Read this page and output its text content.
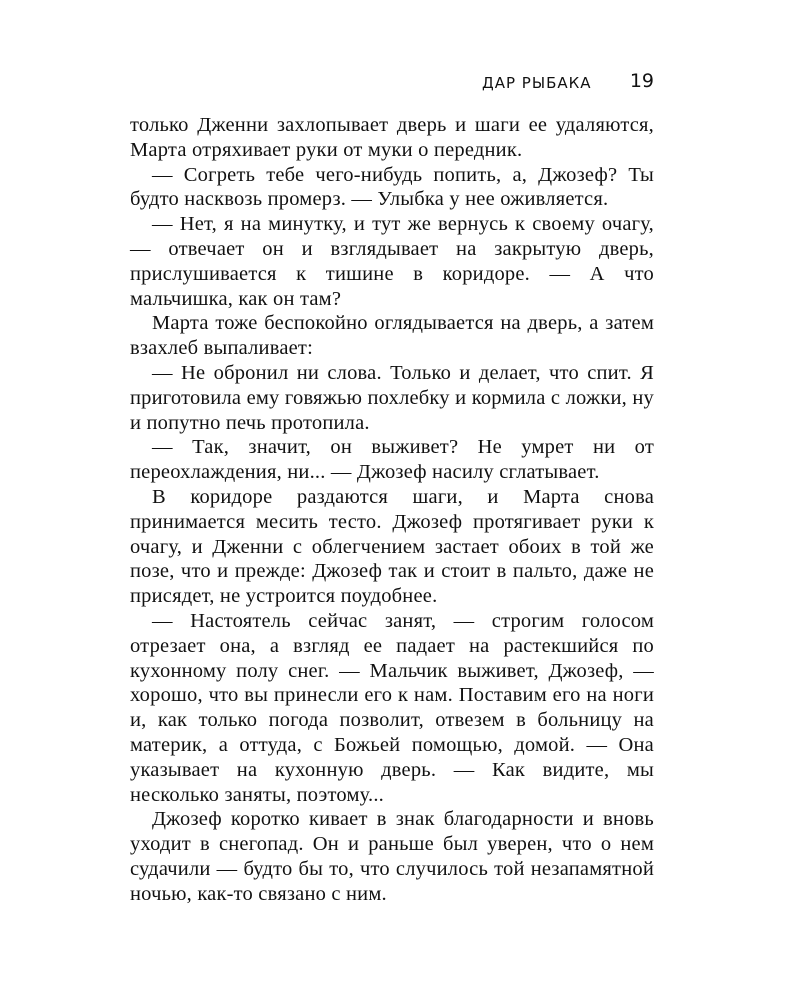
ДАР РЫБАКА 19

только Дженни захлопывает дверь и шаги ее удаляются, Марта отряхивает руки от муки о передник.

— Согреть тебе чего-нибудь попить, а, Джозеф? Ты будто насквозь промерз. — Улыбка у нее оживляется.

— Нет, я на минутку, и тут же вернусь к своему очагу, — отвечает он и взглядывает на закрытую дверь, прислушивается к тишине в коридоре. — А что мальчишка, как он там?

Марта тоже беспокойно оглядывается на дверь, а затем взахлеб выпаливает:

— Не обронил ни слова. Только и делает, что спит. Я приготовила ему говяжью похлебку и кормила с ложки, ну и попутно печь протопила.

— Так, значит, он выживет? Не умрет ни от переохлаждения, ни... — Джозеф насилу сглатывает.

В коридоре раздаются шаги, и Марта снова принимается месить тесто. Джозеф протягивает руки к очагу, и Дженни с облегчением застает обоих в той же позе, что и прежде: Джозеф так и стоит в пальто, даже не присядет, не устроится поудобнее.

— Настоятель сейчас занят, — строгим голосом отрезает она, а взгляд ее падает на растекшийся по кухонному полу снег. — Мальчик выживет, Джозеф, — хорошо, что вы принесли его к нам. Поставим его на ноги и, как только погода позволит, отвезем в больницу на материк, а оттуда, с Божьей помощью, домой. — Она указывает на кухонную дверь. — Как видите, мы несколько заняты, поэтому...

Джозеф коротко кивает в знак благодарности и вновь уходит в снегопад. Он и раньше был уверен, что о нем судачили — будто бы то, что случилось той незапамятной ночью, как-то связано с ним.
